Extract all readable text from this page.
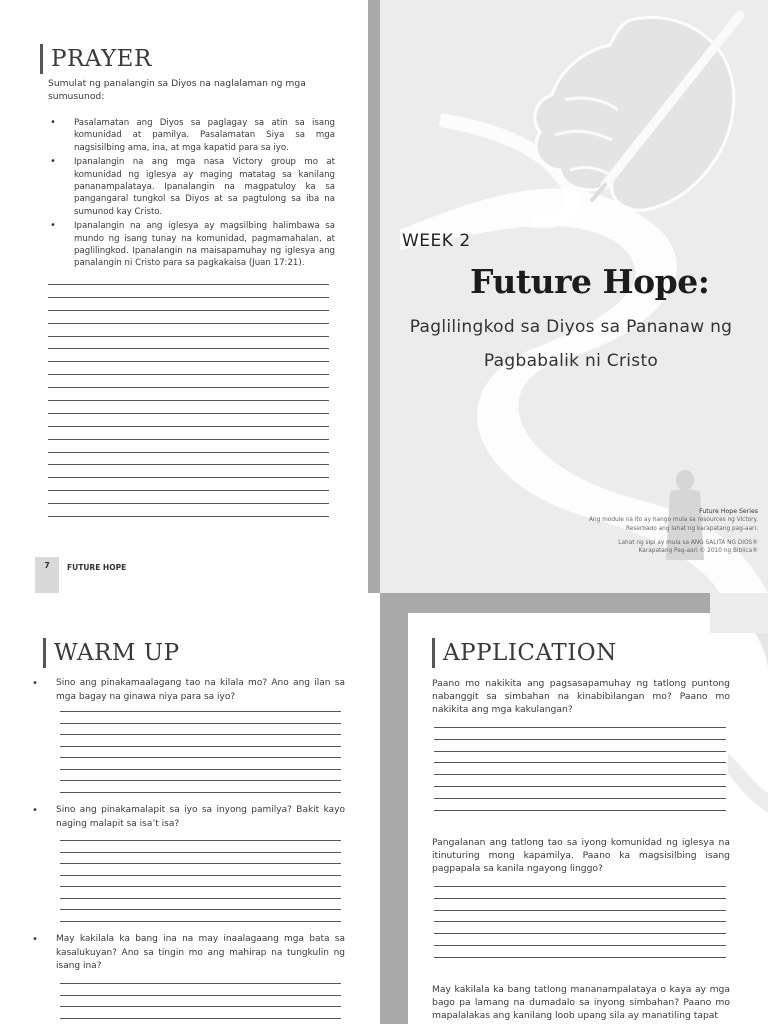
PRAYER
Sumulat ng panalangin sa Diyos na naglalaman ng mga sumusunod:
• Pasalamatan ang Diyos sa paglagay sa atin sa isang komunidad at pamilya. Pasalamatan Siya sa mga nagsisilbing ama, ina, at mga kapatid para sa iyo.
• Ipanalangin na ang mga nasa Victory group mo at komunidad ng iglesya ay maging matatag sa kanilang pananampalataya. Ipanalangin na magpatuloy ka sa pangangaral tungkol sa Diyos at sa pagtulong sa iba na sumunod kay Cristo.
• Ipanalangin na ang iglesya ay magsilbing halimbawa sa mundo ng isang tunay na komunidad, pagmamahalan, at paglilingkod. Ipanalangin na maisapamuhay ng iglesya ang panalangin ni Cristo para sa pagkakaisa (Juan 17:21).
7	FUTURE HOPE
WEEK 2
Future Hope:
Paglilingkod sa Diyos sa Pananaw ng
Pagbabalik ni Cristo
Future Hope Series
Ang module na ito ay hango mula sa resources ng Victory.
Reserbado ang lahat ng karapatang pag-aari.
Lahat ng sipi ay mula sa ANG SALITA NG DIOS®
Karapatang Pag-aari © 2010 ng Biblica®
WARM UP
• Sino ang pinakamaalagang tao na kilala mo? Ano ang ilan sa mga bagay na ginawa niya para sa iyo?
• Sino ang pinakamalapit sa iyo sa inyong pamilya? Bakit kayo naging malapit sa isa’t isa?
• May kakilala ka bang ina na may inaalagaang mga bata sa kasalukuyan? Ano sa tingin mo ang mahirap na tungkulin ng isang ina?
APPLICATION
Paano mo nakikita ang pagsasapamuhay ng tatlong puntong nabanggit sa simbahan na kinabibilangan mo? Paano mo nakikita ang mga kakulangan?
Pangalanan ang tatlong tao sa iyong komunidad ng iglesya na itinuturing mong kapamilya. Paano ka magsisilbing isang pagpapala sa kanila ngayong linggo?
May kakilala ka bang tatlong mananampalataya o kaya ay mga bago pa lamang na dumadalo sa inyong simbahan? Paano mo mapalalakas ang kanilang loob upang sila ay manatiling tapat
